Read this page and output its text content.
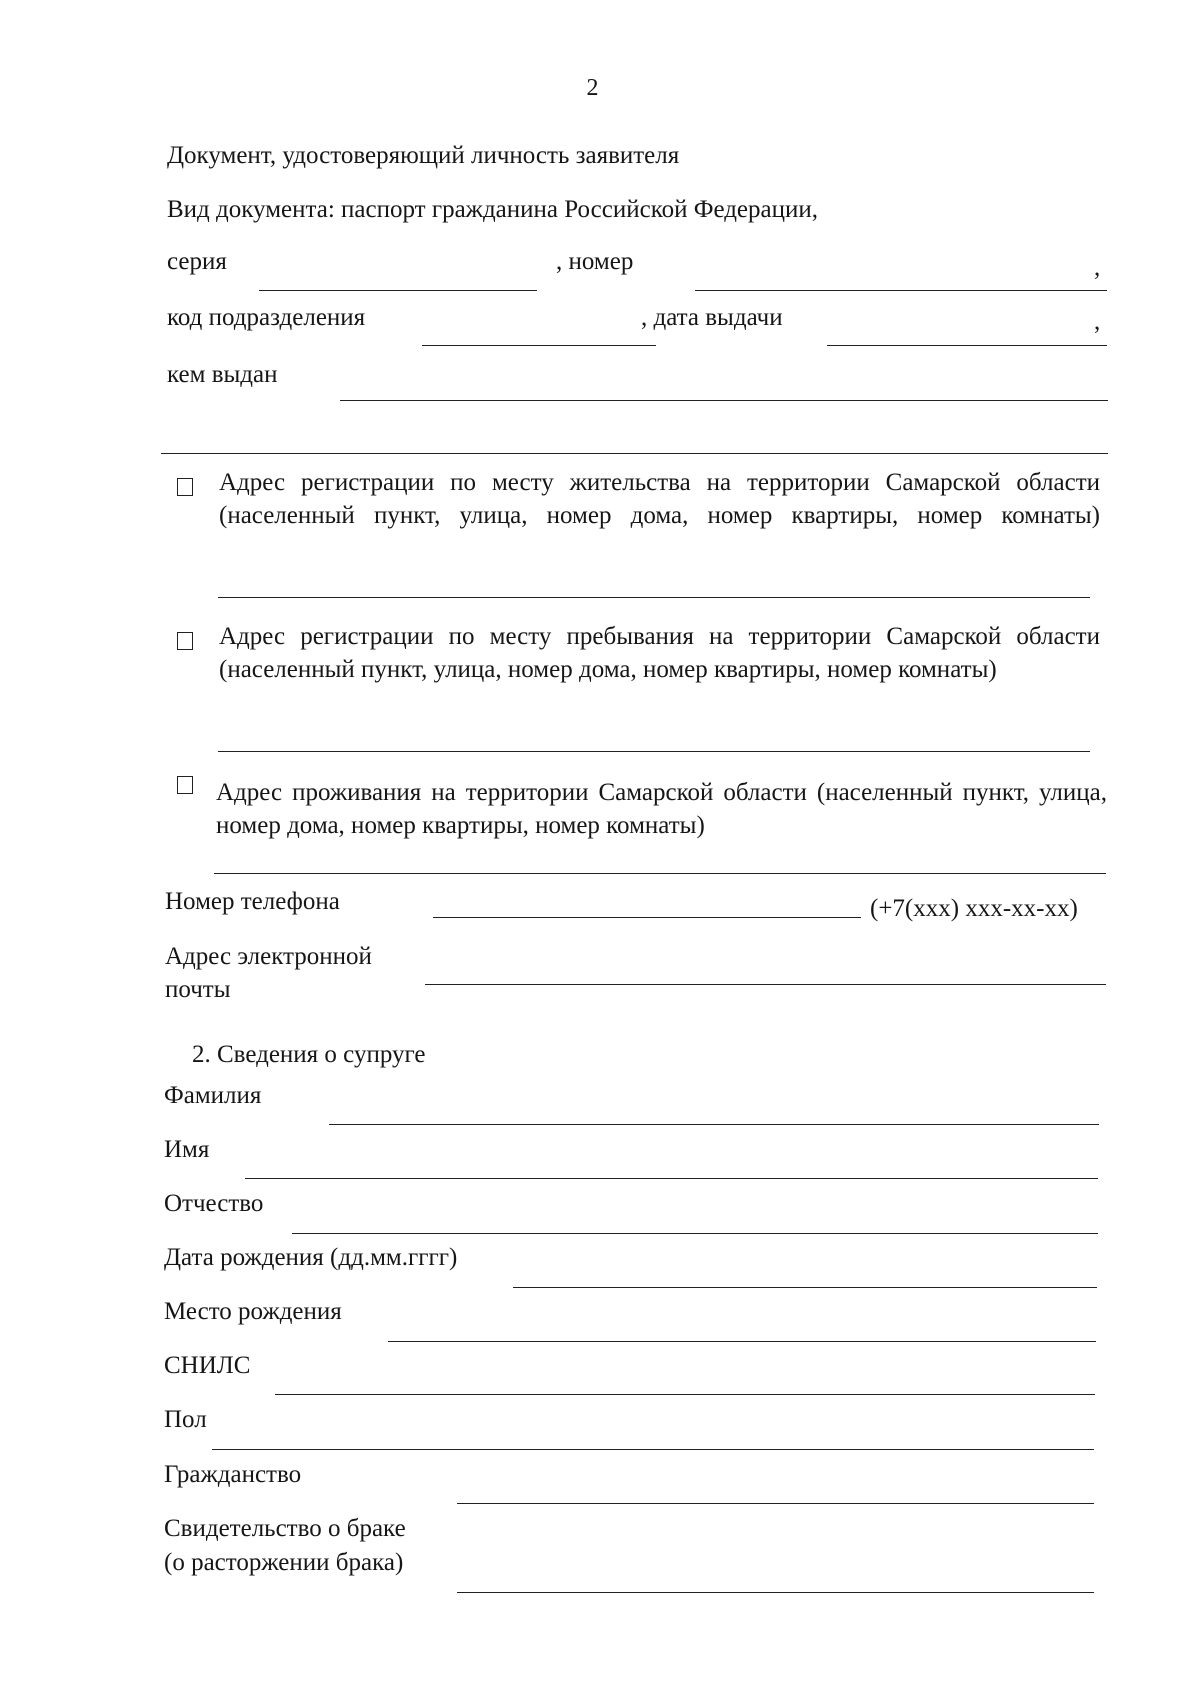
2
Документ, удостоверяющий личность заявителя
Вид документа: паспорт гражданина Российской Федерации,
серия	, номер	,
код подразделения	, дата выдачи	,
кем выдан
Адрес регистрации по месту жительства на территории Самарской области (населенный пункт, улица, номер дома, номер квартиры, номер комнаты)
Адрес регистрации по месту пребывания на территории Самарской области (населенный пункт, улица, номер дома, номер квартиры, номер комнаты)
Адрес проживания на территории Самарской области (населенный пункт, улица, номер дома, номер квартиры, номер комнаты)
Номер телефона	(+7(xxx) xxx-xx-xx)
Адрес электронной
почты
2. Сведения о супруге
Фамилия
Имя
Отчество
Дата рождения (дд.мм.гггг)
Место рождения
СНИЛС
Пол
Гражданство
Свидетельство о браке
(о расторжении брака)
